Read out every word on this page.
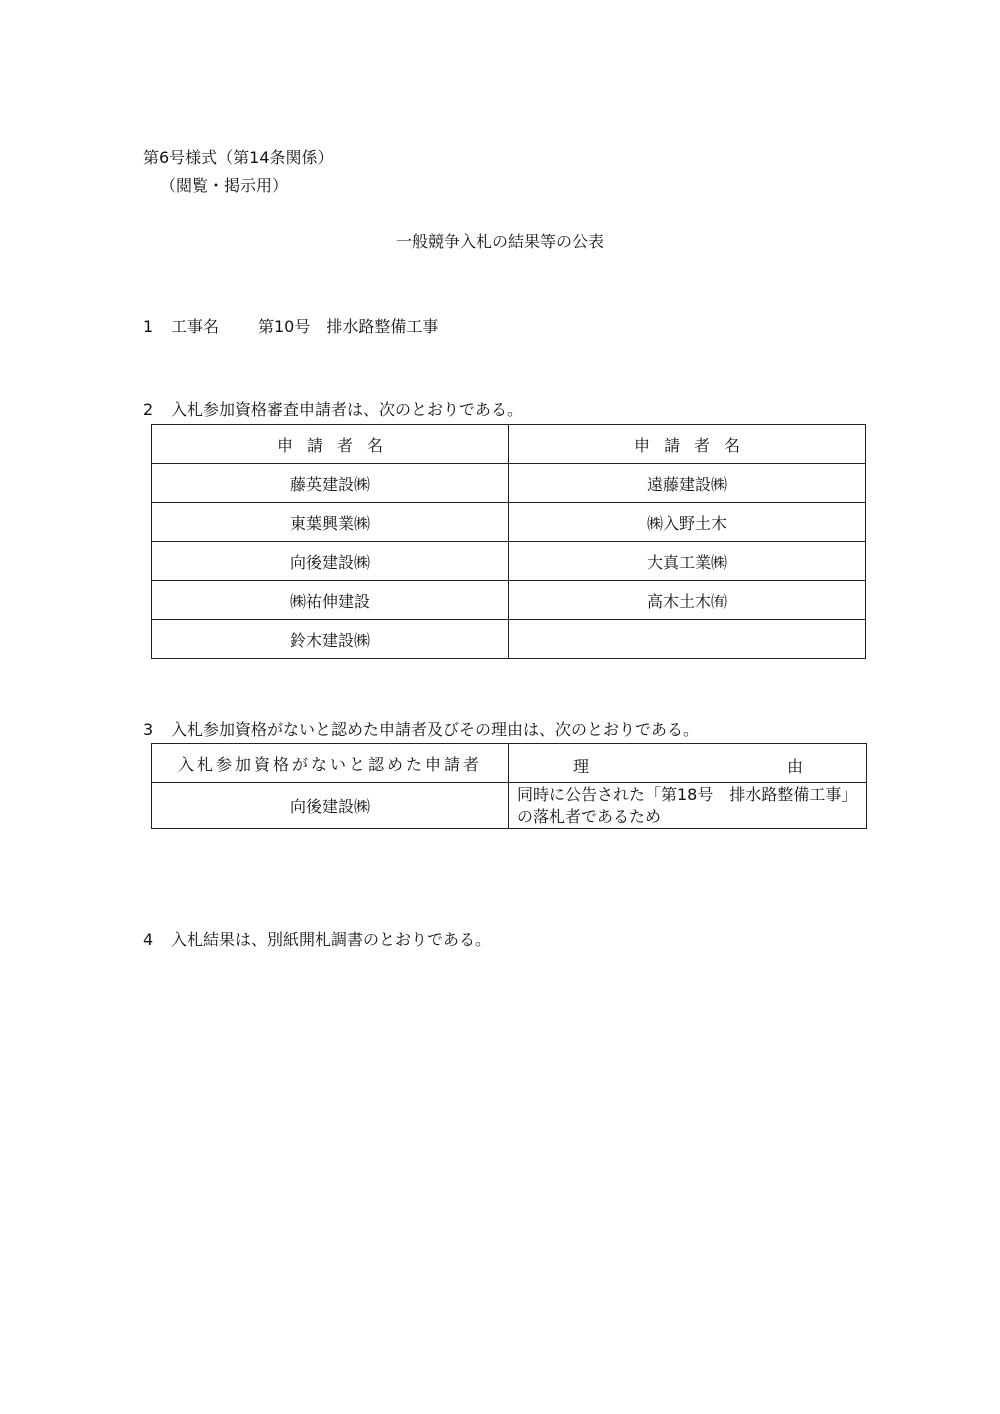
第6号様式（第14条関係）
（閲覧・掲示用）
一般競争入札の結果等の公表
1 工事名 第10号　排水路整備工事
2 入札参加資格審査申請者は、次のとおりである。
申請者名	申請者名
藤英建設㈱	遠藤建設㈱
東葉興業㈱	㈱入野土木
向後建設㈱	大真工業㈱
㈱祐伸建設	高木土木㈲
鈴木建設㈱	
3 入札参加資格がないと認めた申請者及びその理由は、次のとおりである。
入札参加資格がないと認めた申請者	理 由

向後建設㈱	同時に公告された「第18号　排水路整備工事」の落札者であるため
4 入札結果は、別紙開札調書のとおりである。
